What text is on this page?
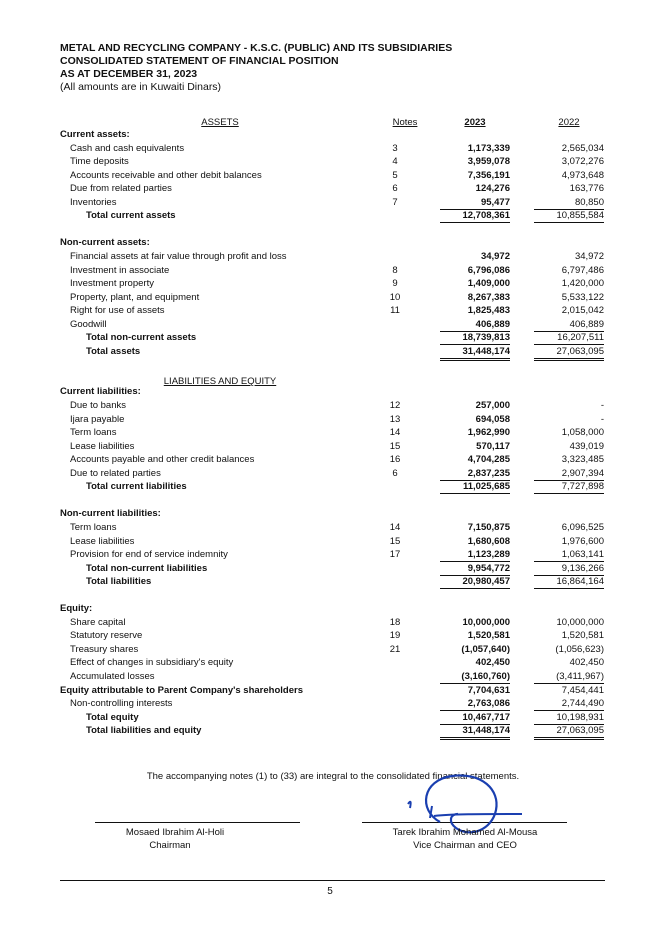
METAL AND RECYCLING COMPANY - K.S.C. (PUBLIC) AND ITS SUBSIDIARIES
CONSOLIDATED STATEMENT OF FINANCIAL POSITION
AS AT DECEMBER 31, 2023
(All amounts are in Kuwaiti Dinars)
ASSETS	Notes	2023	2022
LIABILITIES AND EQUITY
Current assets:
Cash and cash equivalents	3	1,173,339	2,565,034
Time deposits	4	3,959,078	3,072,276
Accounts receivable and other debit balances	5	7,356,191	4,973,648
Due from related parties	6	124,276	163,776
Inventories	7	95,477	80,850
Total current assets	12,708,361	10,855,584
Non-current assets:
Financial assets at fair value through profit and loss	34,972	34,972
Investment in associate	8	6,796,086	6,797,486
Investment property	9	1,409,000	1,420,000
Property, plant, and equipment	10	8,267,383	5,533,122
Right for use of assets	11	1,825,483	2,015,042
Goodwill	406,889	406,889
Total non-current assets	18,739,813	16,207,511
Total assets	31,448,174	27,063,095
Current liabilities:
Due to banks	12	257,000	-
Ijara payable	13	694,058	-
Term loans	14	1,962,990	1,058,000
Lease liabilities	15	570,117	439,019
Accounts payable and other credit balances	16	4,704,285	3,323,485
Due to related parties	6	2,837,235	2,907,394
Total current liabilities	11,025,685	7,727,898
Non-current liabilities:
Term loans	14	7,150,875	6,096,525
Lease liabilities	15	1,680,608	1,976,600
Provision for end of service indemnity	17	1,123,289	1,063,141
Total non-current liabilities	9,954,772	9,136,266
Total liabilities	20,980,457	16,864,164
Equity:
Share capital	18	10,000,000	10,000,000
Statutory reserve	19	1,520,581	1,520,581
Treasury shares	21	(1,057,640)	(1,056,623)
Effect of changes in subsidiary's equity	402,450	402,450
Accumulated losses	(3,160,760)	(3,411,967)
Equity attributable to Parent Company's shareholders	7,704,631	7,454,441
Non-controlling interests	2,763,086	2,744,490
Total equity	10,467,717	10,198,931
Total liabilities and equity	31,448,174	27,063,095
The accompanying notes (1) to (33) are integral to the consolidated financial statements.
Mosaed Ibrahim Al-Holi
Chairman
Tarek Ibrahim Mohamed Al-Mousa
Vice Chairman and CEO
5
